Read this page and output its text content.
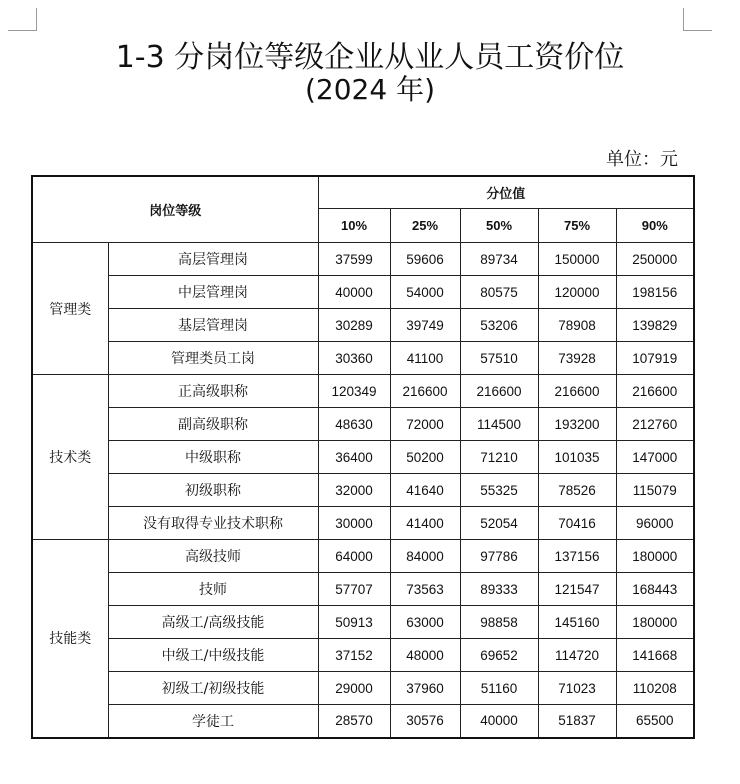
1-3 分岗位等级企业从业人员工资价位
(2024 年)
单位：元
岗位等级		分位值				
		10%	25%	50%	75%	90%
管理类	高层管理岗	37599	59606	89734	150000	250000
	中层管理岗	40000	54000	80575	120000	198156
	基层管理岗	30289	39749	53206	78908	139829
	管理类员工岗	30360	41100	57510	73928	107919
技术类	正高级职称	120349	216600	216600	216600	216600
	副高级职称	48630	72000	114500	193200	212760
	中级职称	36400	50200	71210	101035	147000
	初级职称	32000	41640	55325	78526	115079
	没有取得专业技术职称	30000	41400	52054	70416	96000
技能类	高级技师	64000	84000	97786	137156	180000
	技师	57707	73563	89333	121547	168443
	高级工/高级技能	50913	63000	98858	145160	180000
	中级工/中级技能	37152	48000	69652	114720	141668
	初级工/初级技能	29000	37960	51160	71023	110208
	学徒工	28570	30576	40000	51837	65500
